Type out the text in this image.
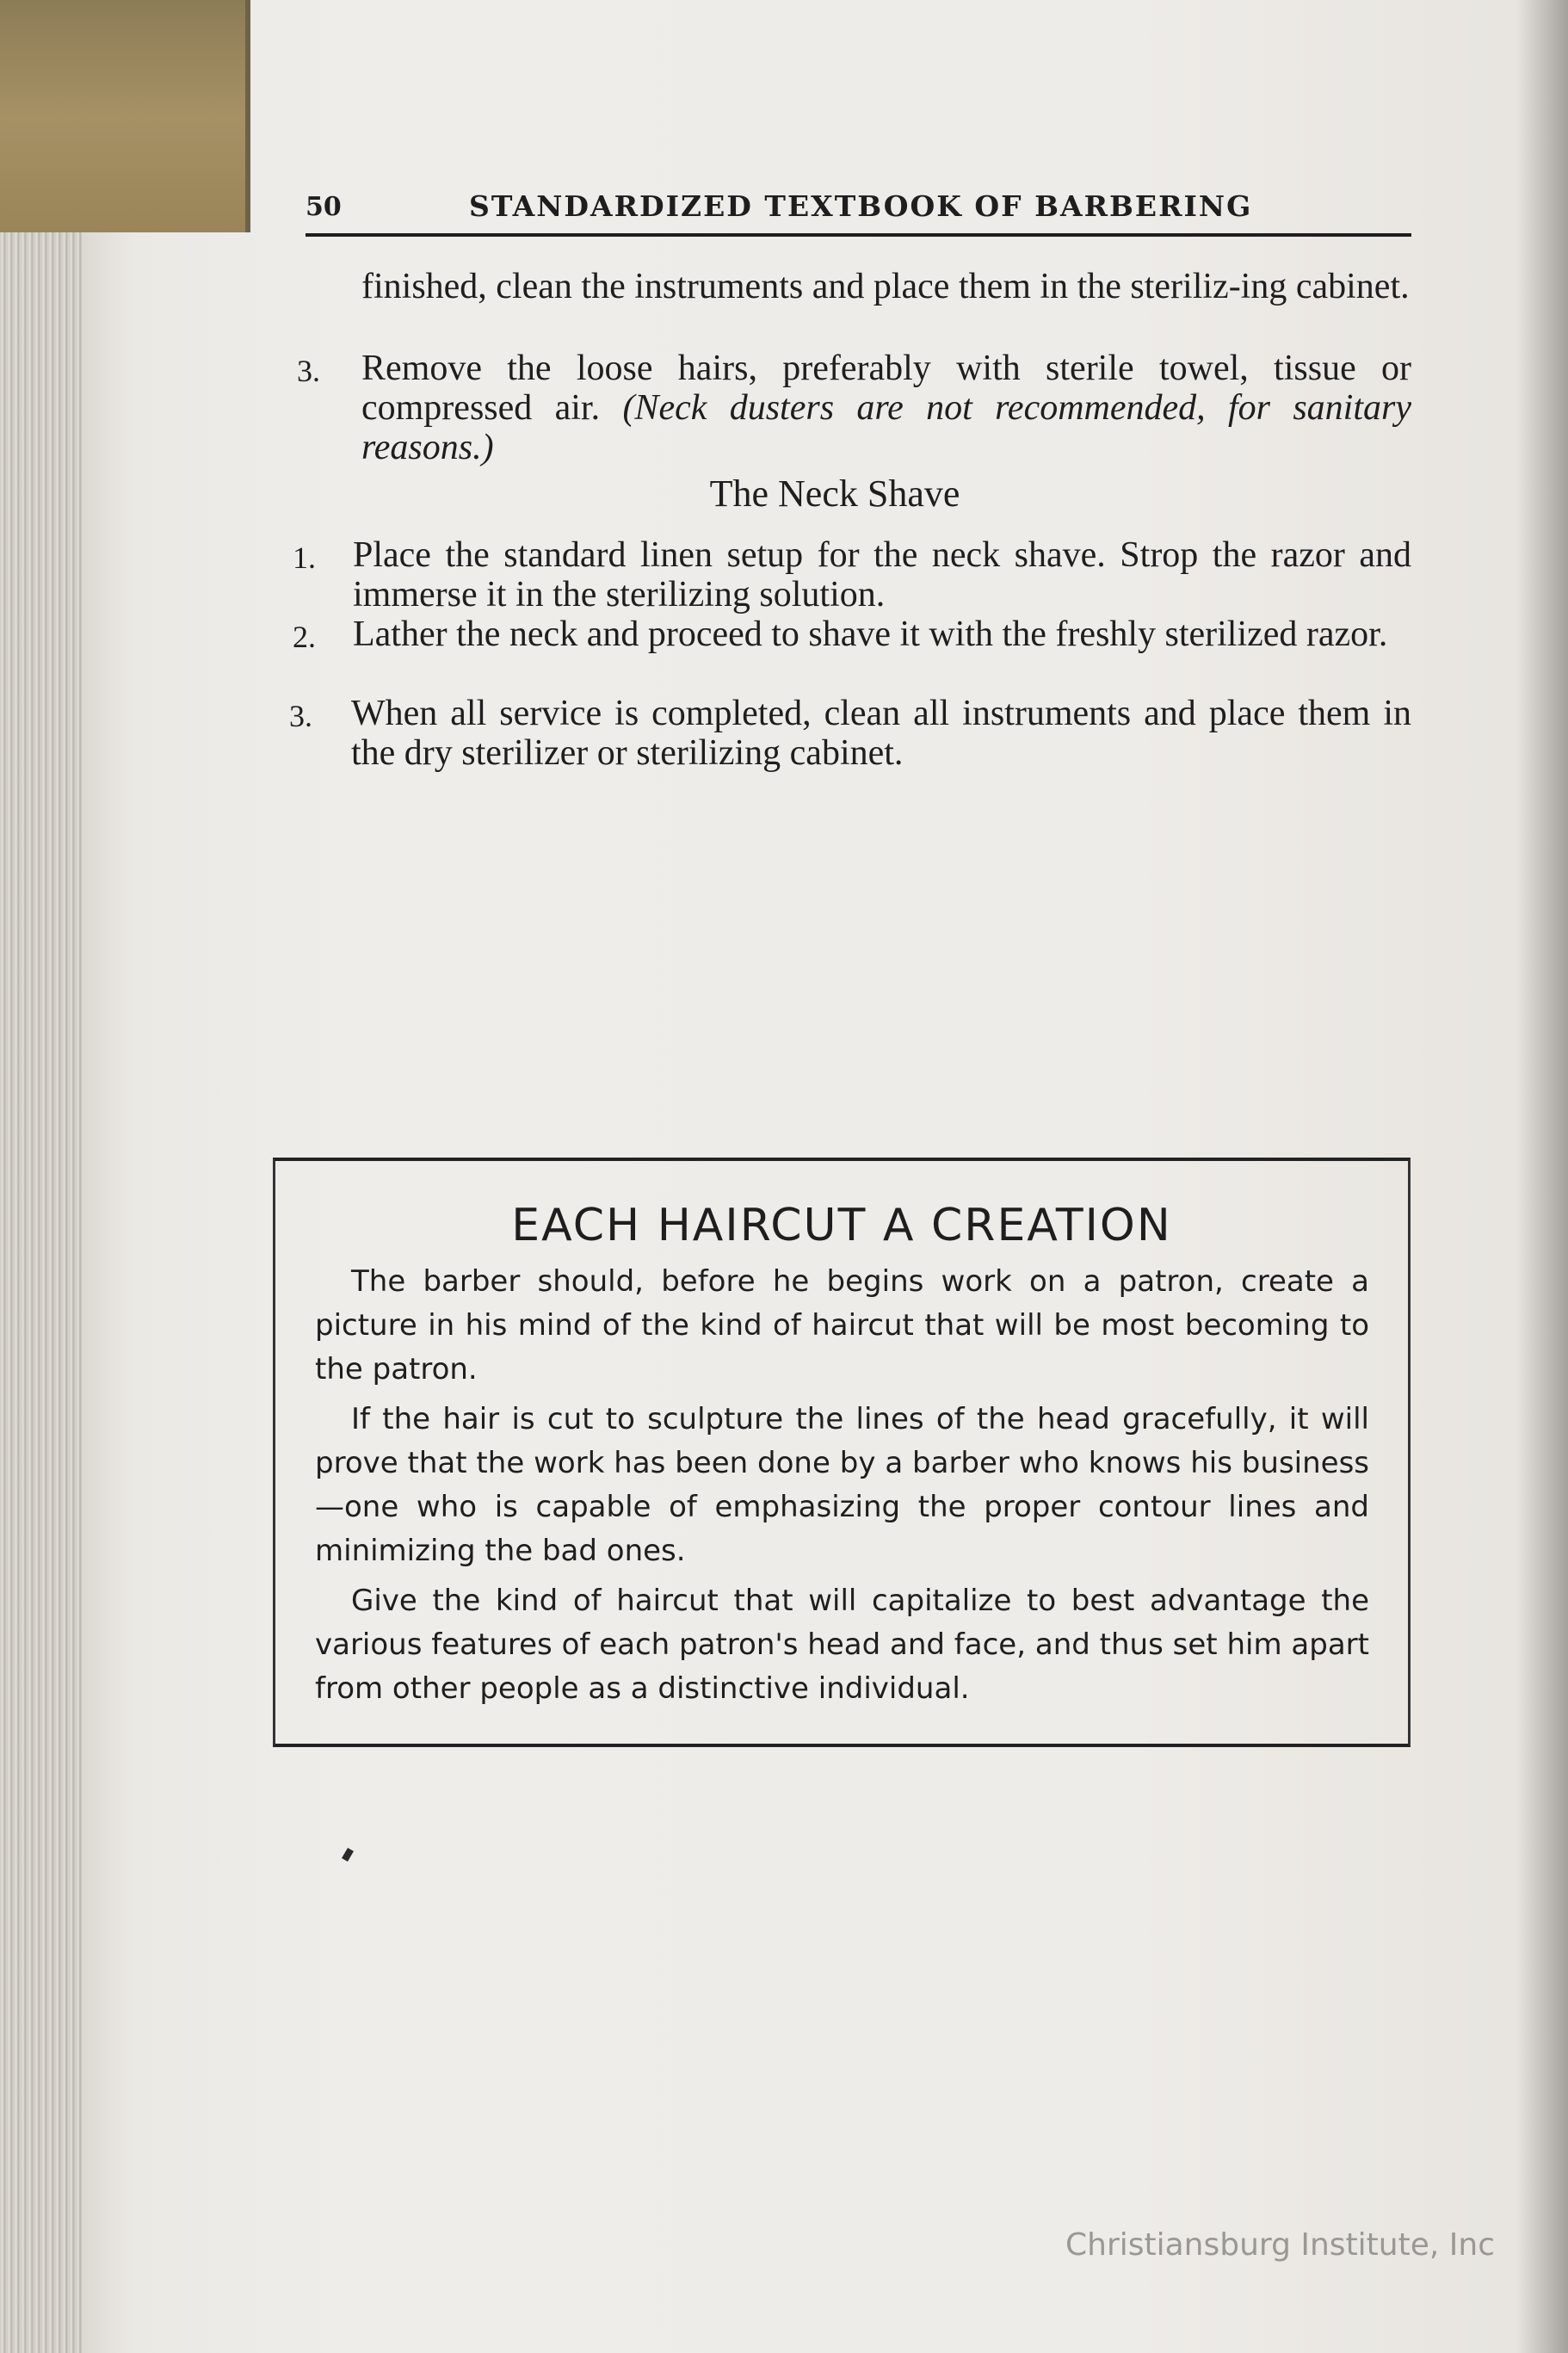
50	STANDARDIZED TEXTBOOK OF BARBERING
finished, clean the instruments and place them in the steriliz-ing cabinet.
3. Remove the loose hairs, preferably with sterile towel, tissue or compressed air. (Neck dusters are not recommended, for sanitary reasons.)
The Neck Shave
1. Place the standard linen setup for the neck shave. Strop the razor and immerse it in the sterilizing solution.
2. Lather the neck and proceed to shave it with the freshly sterilized razor.
3. When all service is completed, clean all instruments and place them in the dry sterilizer or sterilizing cabinet.
EACH HAIRCUT A CREATION
The barber should, before he begins work on a patron, create a picture in his mind of the kind of haircut that will be most becoming to the patron.
If the hair is cut to sculpture the lines of the head gracefully, it will prove that the work has been done by a barber who knows his business—one who is capable of emphasizing the proper contour lines and minimizing the bad ones.
Give the kind of haircut that will capitalize to best advantage the various features of each patron's head and face, and thus set him apart from other people as a distinctive individual.
Christiansburg Institute, Inc
